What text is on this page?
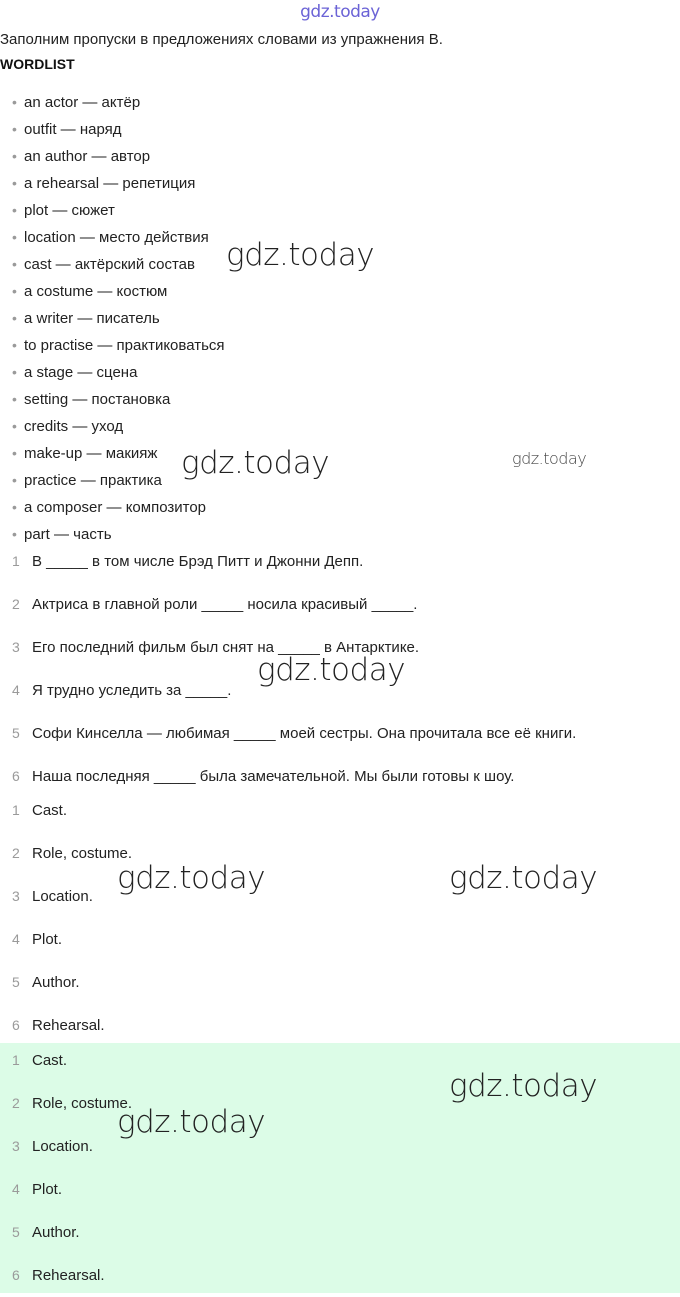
gdz.today
Заполним пропуски в предложениях словами из упражнения B.
WORDLIST
• an actor — актёр
• outfit — наряд
• an author — автор
• a rehearsal — репетиция
• plot — сюжет
• location — место действия
• cast — актёрский состав
• a costume — костюм
• a writer — писатель
• to practise — практиковаться
• a stage — сцена
• setting — постановка
• credits — уход
• make-up — макияж
• practice — практика
• a composer — композитор
• part — часть
1 В _____ в том числе Брэд Питт и Джонни Депп.
2 Актриса в главной роли _____ носила красивый _____.
3 Его последний фильм был снят на _____ в Антарктике.
4 Я трудно уследить за _____.
5 Софи Кинселла — любимая _____ моей сестры. Она прочитала все её книги.
6 Наша последняя _____ была замечательной. Мы были готовы к шоу.
1 Cast.
2 Role, costume.
3 Location.
4 Plot.
5 Author.
6 Rehearsal.
1 Cast.
2 Role, costume.
3 Location.
4 Plot.
5 Author.
6 Rehearsal.
gdz.today
gdz.today	gdz.today
gdz.today
gdz.today	gdz.today
gdz.today
gdz.today
